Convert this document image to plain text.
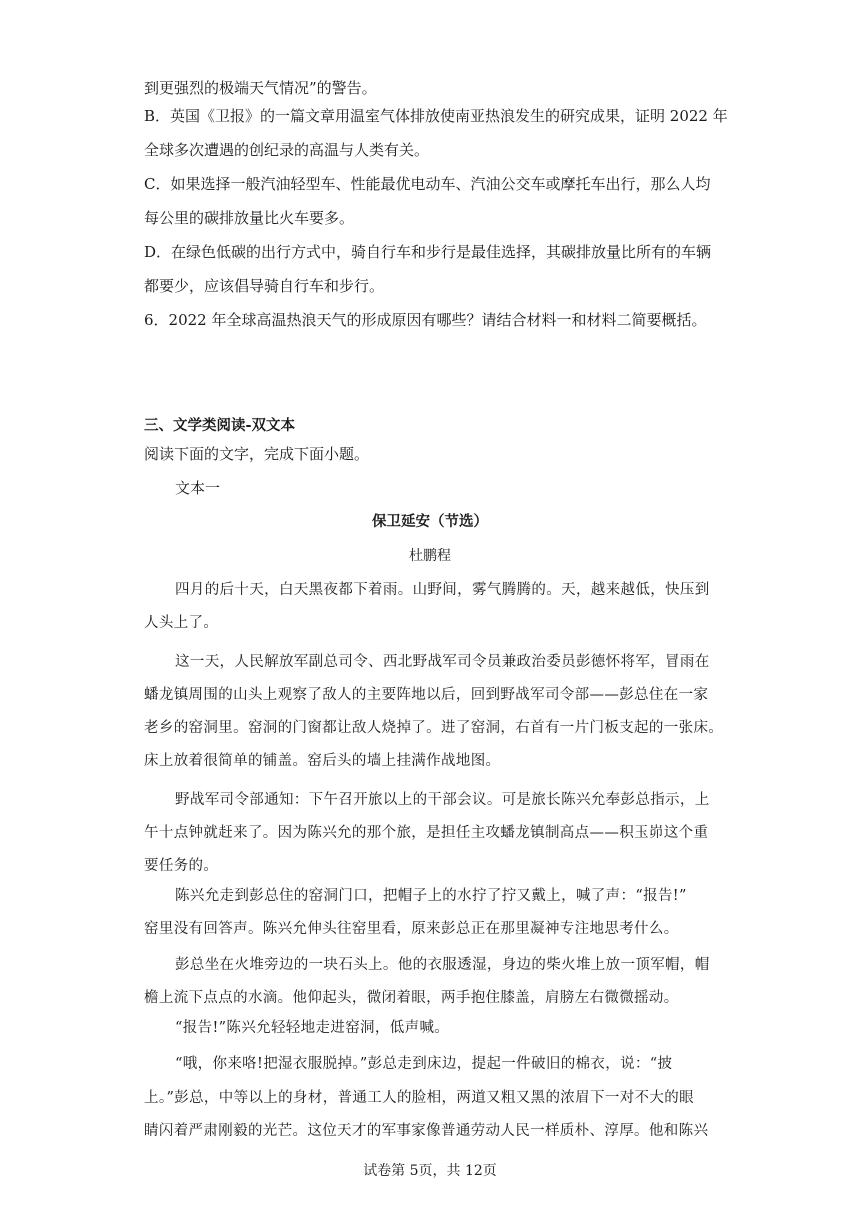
到更强烈的极端天气情况”的警告。
B．英国《卫报》的一篇文章用温室气体排放使南亚热浪发生的研究成果，证明 2022 年
全球多次遭遇的创纪录的高温与人类有关。
C．如果选择一般汽油轻型车、性能最优电动车、汽油公交车或摩托车出行，那么人均
每公里的碳排放量比火车要多。
D．在绿色低碳的出行方式中，骑自行车和步行是最佳选择，其碳排放量比所有的车辆
都要少，应该倡导骑自行车和步行。
6．2022 年全球高温热浪天气的形成原因有哪些？请结合材料一和材料二简要概括。
三、文学类阅读-双文本
阅读下面的文字，完成下面小题。
文本一
保卫延安（节选）
杜鹏程
四月的后十天，白天黑夜都下着雨。山野间，雾气腾腾的。天，越来越低，快压到
人头上了。
这一天，人民解放军副总司令、西北野战军司令员兼政治委员彭德怀将军，冒雨在
蟠龙镇周围的山头上观察了敌人的主要阵地以后，回到野战军司令部——彭总住在一家
老乡的窑洞里。窑洞的门窗都让敌人烧掉了。进了窑洞，右首有一片门板支起的一张床。
床上放着很简单的铺盖。窑后头的墙上挂满作战地图。
野战军司令部通知：下午召开旅以上的干部会议。可是旅长陈兴允奉彭总指示，上
午十点钟就赶来了。因为陈兴允的那个旅，是担任主攻蟠龙镇制高点——积玉峁这个重
要任务的。
陈兴允走到彭总住的窑洞门口，把帽子上的水拧了拧又戴上，喊了声：“报告!”
窑里没有回答声。陈兴允伸头往窑里看，原来彭总正在那里凝神专注地思考什么。
彭总坐在火堆旁边的一块石头上。他的衣服透湿，身边的柴火堆上放一顶军帽，帽
檐上流下点点的水滴。他仰起头，微闭着眼，两手抱住膝盖，肩膀左右微微摇动。
“报告!”陈兴允轻轻地走进窑洞，低声喊。
“哦，你来咯!把湿衣服脱掉。”彭总走到床边，提起一件破旧的棉衣，说：“披
上。”彭总，中等以上的身材，普通工人的脸相，两道又粗又黑的浓眉下一对不大的眼
睛闪着严肃刚毅的光芒。这位天才的军事家像普通劳动人民一样质朴、淳厚。他和陈兴
试卷第 5页，共 12页
